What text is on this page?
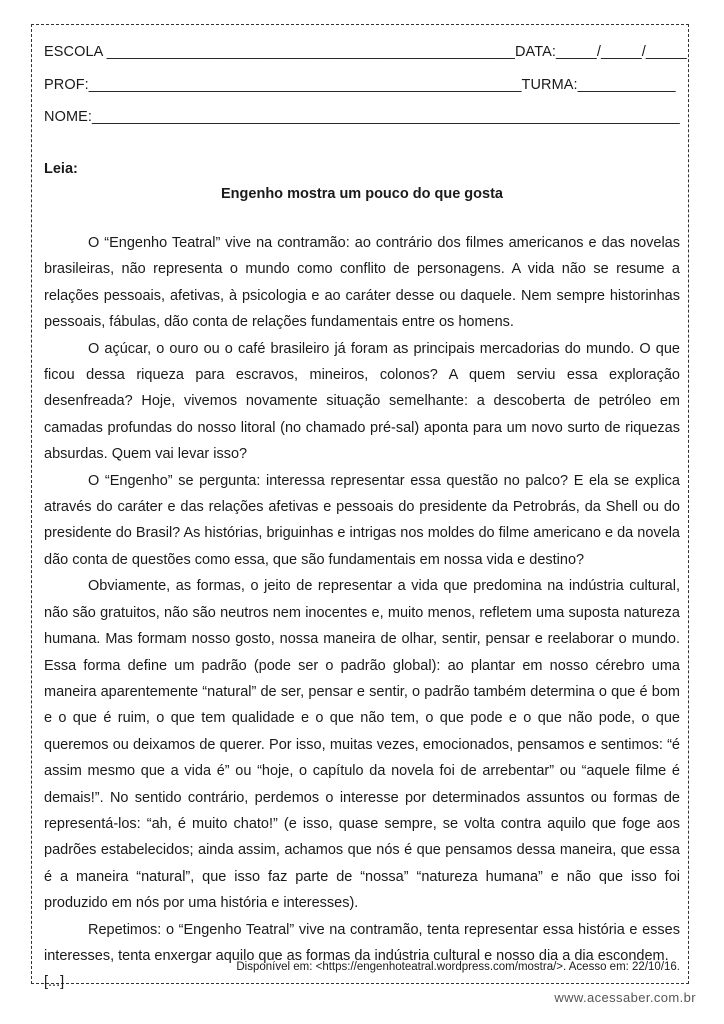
ESCOLA __________________________________________________DATA:_____/_____/_____
PROF:_____________________________________________________TURMA:____________
NOME:________________________________________________________________________
Leia:
Engenho mostra um pouco do que gosta

O “Engenho Teatral” vive na contramão: ao contrário dos filmes americanos e das novelas brasileiras, não representa o mundo como conflito de personagens. A vida não se resume a relações pessoais, afetivas, à psicologia e ao caráter desse ou daquele. Nem sempre historinhas pessoais, fábulas, dão conta de relações fundamentais entre os homens.

O açúcar, o ouro ou o café brasileiro já foram as principais mercadorias do mundo. O que ficou dessa riqueza para escravos, mineiros, colonos? A quem serviu essa exploração desenfreada? Hoje, vivemos novamente situação semelhante: a descoberta de petróleo em camadas profundas do nosso litoral (no chamado pré-sal) aponta para um novo surto de riquezas absurdas. Quem vai levar isso?

O “Engenho” se pergunta: interessa representar essa questão no palco? E ela se explica através do caráter e das relações afetivas e pessoais do presidente da Petrobrás, da Shell ou do presidente do Brasil? As histórias, briguinhas e intrigas nos moldes do filme americano e da novela dão conta de questões como essa, que são fundamentais em nossa vida e destino?

Obviamente, as formas, o jeito de representar a vida que predomina na indústria cultural, não são gratuitos, não são neutros nem inocentes e, muito menos, refletem uma suposta natureza humana. Mas formam nosso gosto, nossa maneira de olhar, sentir, pensar e reelaborar o mundo. Essa forma define um padrão (pode ser o padrão global): ao plantar em nosso cérebro uma maneira aparentemente “natural” de ser, pensar e sentir, o padrão também determina o que é bom e o que é ruim, o que tem qualidade e o que não tem, o que pode e o que não pode, o que queremos ou deixamos de querer. Por isso, muitas vezes, emocionados, pensamos e sentimos: “é assim mesmo que a vida é” ou “hoje, o capítulo da novela foi de arrebentar” ou “aquele filme é demais!”. No sentido contrário, perdemos o interesse por determinados assuntos ou formas de representá-los: “ah, é muito chato!” (e isso, quase sempre, se volta contra aquilo que foge aos padrões estabelecidos; ainda assim, achamos que nós é que pensamos dessa maneira, que essa é a maneira “natural”, que isso faz parte de “nossa” “natureza humana” e não que isso foi produzido em nós por uma história e interesses).

Repetimos: o “Engenho Teatral” vive na contramão, tenta representar essa história e esses interesses, tenta enxergar aquilo que as formas da indústria cultural e nosso dia a dia escondem.

[...]

Disponível em: <https://engenhoteatral.wordpress.com/mostra/>. Acesso em: 22/10/16.
www.acessaber.com.br
